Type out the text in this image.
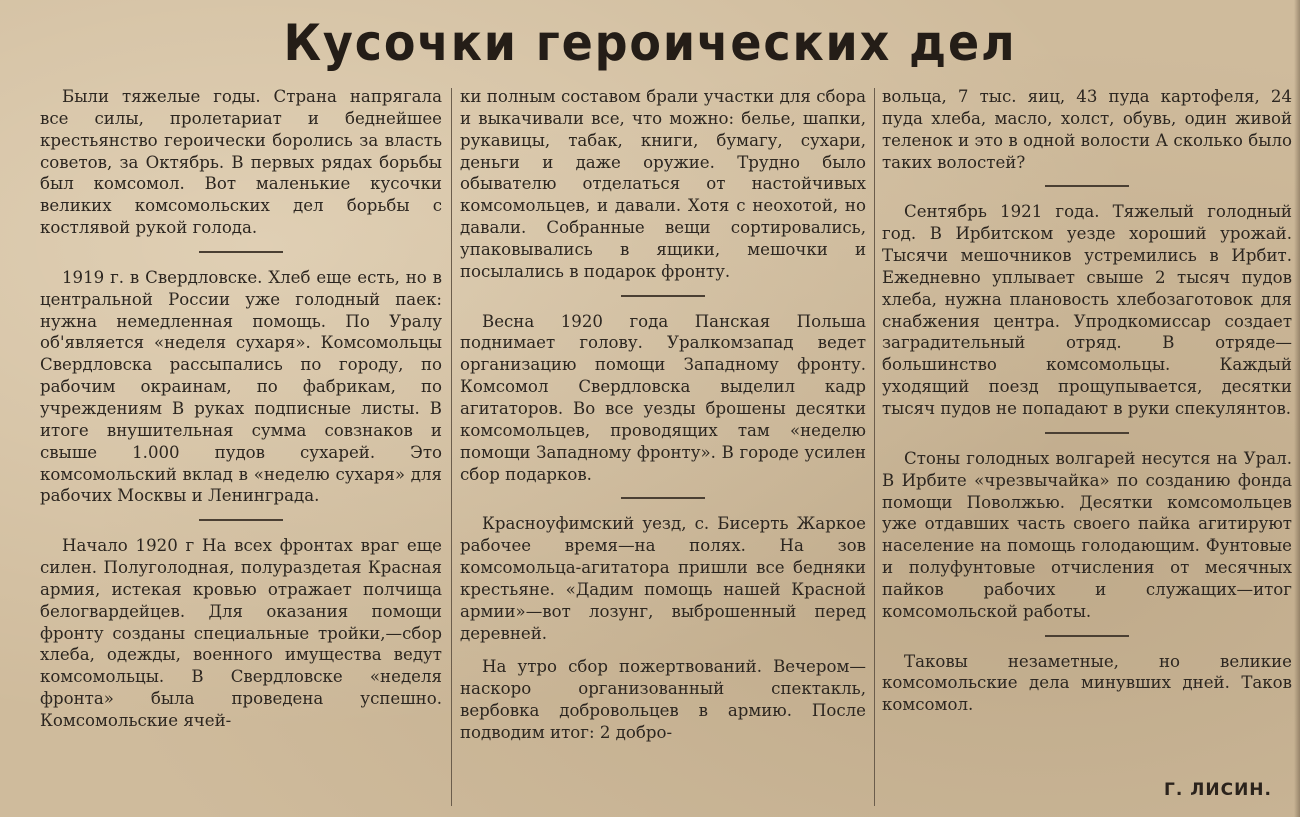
Кусочки героических дел

Были тяжелые годы. Страна напрягала все силы, пролетариат и беднейшее крестьянство героически боролись за власть советов, за Октябрь. В первых рядах борьбы был комсомол. Вот маленькие кусочки великих комсомольских дел борьбы с костлявой рукой голода.

1919 г. в Свердловске. Хлеб еще есть, но в центральной России уже голодный паек: нужна немедленная помощь. По Уралу об'является «неделя сухаря». Комсомольцы Свердловска рассыпались по городу, по рабочим окраинам, по фабрикам, по учреждениям В руках подписные листы. В итоге внушительная сумма совзнаков и свыше 1.000 пудов сухарей. Это комсомольский вклад в «неделю сухаря» для рабочих Москвы и Ленинграда.

Начало 1920 г На всех фронтах враг еще силен. Полуголодная, полураздетая Красная армия, истекая кровью отражает полчища белогвардейцев. Для оказания помощи фронту созданы специальные тройки,—сбор хлеба, одежды, военного имущества ведут комсомольцы. В Свердловске «неделя фронта» была проведена успешно. Комсомольские ячей-

ки полным составом брали участки для сбора и выкачивали все, что можно: белье, шапки, рукавицы, табак, книги, бумагу, сухари, деньги и даже оружие. Трудно было обывателю отделаться от настойчивых комсомольцев, и давали. Хотя с неохотой, но давали. Собранные вещи сортировались, упаковывались в ящики, мешочки и посылались в подарок фронту.

Весна 1920 года Панская Польша поднимает голову. Уралкомзапад ведет организацию помощи Западному фронту. Комсомол Свердловска выделил кадр агитаторов. Во все уезды брошены десятки комсомольцев, проводящих там «неделю помощи Западному фронту». В городе усилен сбор подарков.

Красноуфимский уезд, с. Бисерть Жаркое рабочее время—на полях. На зов комсомольца-агитатора пришли все бедняки крестьяне. «Дадим помощь нашей Красной армии»—вот лозунг, выброшенный перед деревней.

На утро сбор пожертвований. Вечером—наскоро организованный спектакль, вербовка добровольцев в армию. После подводим итог: 2 добро-

вольца, 7 тыс. яиц, 43 пуда картофеля, 24 пуда хлеба, масло, холст, обувь, один живой теленок и это в одной волости А сколько было таких волостей?

Сентябрь 1921 года. Тяжелый голодный год. В Ирбитском уезде хороший урожай. Тысячи мешочников устремились в Ирбит. Ежедневно уплывает свыше 2 тысяч пудов хлеба, нужна плановость хлебозаготовок для снабжения центра. Упродкомиссар создает заградительный отряд. В отряде—большинство комсомольцы. Каждый уходящий поезд прощупывается, десятки тысяч пудов не попадают в руки спекулянтов.

Стоны голодных волгарей несутся на Урал. В Ирбите «чрезвычайка» по созданию фонда помощи Поволжью. Десятки комсомольцев уже отдавших часть своего пайка агитируют население на помощь голодающим. Фунтовые и полуфунтовые отчисления от месячных пайков рабочих и служащих—итог комсомольской работы.

Таковы незаметные, но великие комсомольские дела минувших дней. Таков комсомол.

Г. ЛИСИН.
